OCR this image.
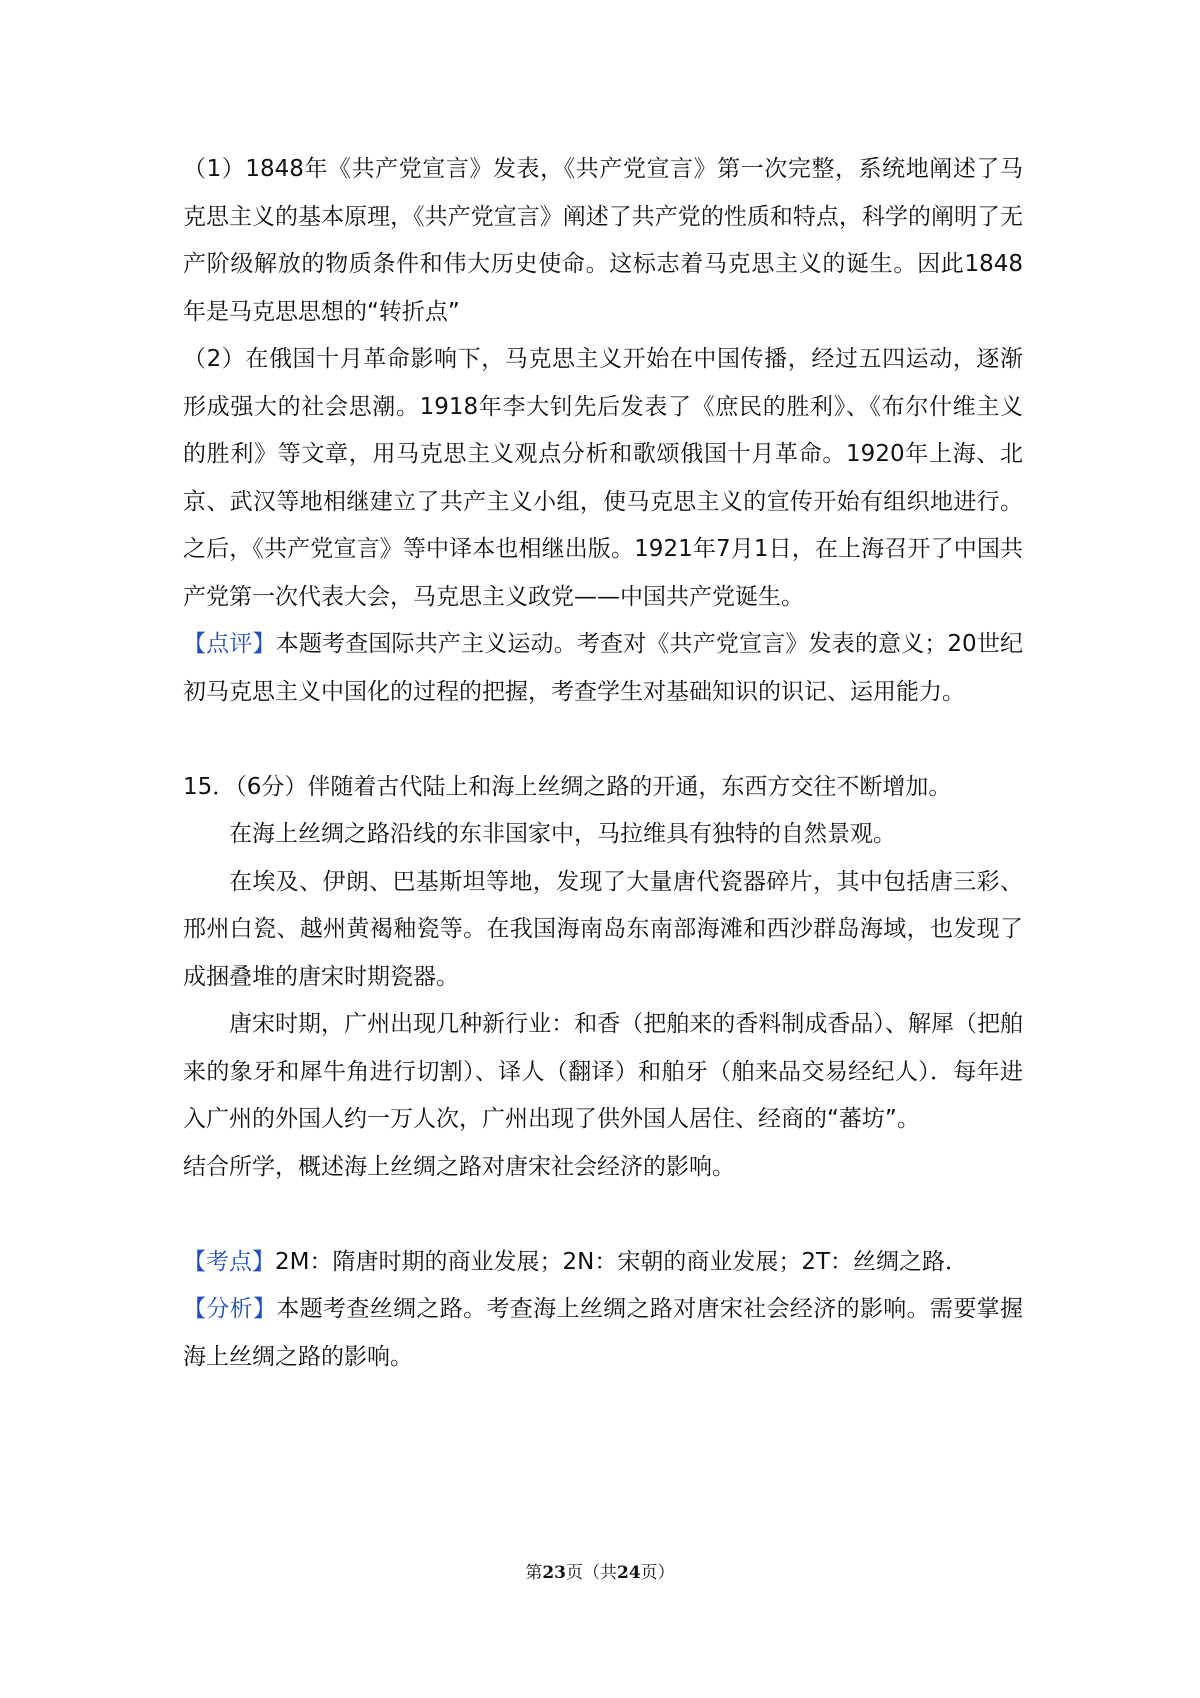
（1）1848年《共产党宣言》发表，《共产党宣言》第一次完整，系统地阐述了马克思主义的基本原理，《共产党宣言》阐述了共产党的性质和特点，科学的阐明了无产阶级解放的物质条件和伟大历史使命。这标志着马克思主义的诞生。因此1848年是马克思思想的“转折点”

（2）在俄国十月革命影响下，马克思主义开始在中国传播，经过五四运动，逐渐形成强大的社会思潮。1918年李大钊先后发表了《庶民的胜利》、《布尔什维主义的胜利》等文章，用马克思主义观点分析和歌颂俄国十月革命。1920年上海、北京、武汉等地相继建立了共产主义小组，使马克思主义的宣传开始有组织地进行。之后，《共产党宣言》等中译本也相继出版。1921年7月1日，在上海召开了中国共产党第一次代表大会，马克思主义政党——中国共产党诞生。

【点评】本题考查国际共产主义运动。考查对《共产党宣言》发表的意义；20世纪初马克思主义中国化的过程的把握，考查学生对基础知识的识记、运用能力。

15．（6分）伴随着古代陆上和海上丝绸之路的开通，东西方交往不断增加。

在海上丝绸之路沿线的东非国家中，马拉维具有独特的自然景观。

在埃及、伊朗、巴基斯坦等地，发现了大量唐代瓷器碎片，其中包括唐三彩、邢州白瓷、越州黄褐釉瓷等。在我国海南岛东南部海滩和西沙群岛海域，也发现了成捆叠堆的唐宋时期瓷器。

唐宋时期，广州出现几种新行业：和香（把舶来的香料制成香品）、解犀（把舶来的象牙和犀牛角进行切割）、译人（翻译）和舶牙（舶来品交易经纪人）．每年进入广州的外国人约一万人次，广州出现了供外国人居住、经商的“蕃坊”。

结合所学，概述海上丝绸之路对唐宋社会经济的影响。

【考点】2M：隋唐时期的商业发展；2N：宋朝的商业发展；2T：丝绸之路．

【分析】本题考查丝绸之路。考查海上丝绸之路对唐宋社会经济的影响。需要掌握海上丝绸之路的影响。

第23页（共24页）
